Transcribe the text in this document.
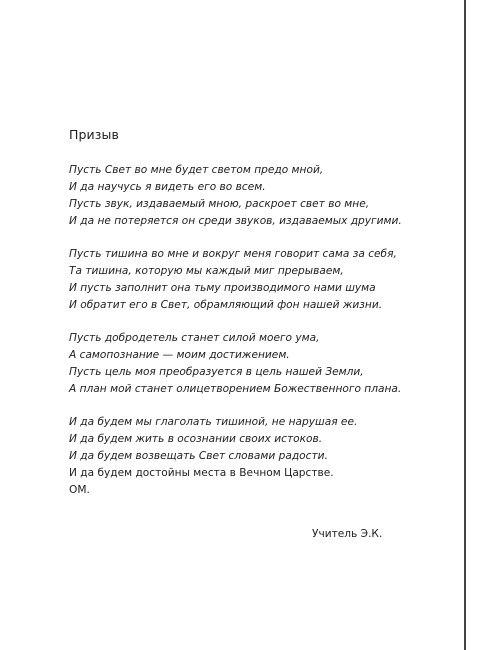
Призыв
Пусть Свет во мне будет светом предо мной,
И да научусь я видеть его во всем.
Пусть звук, издаваемый мною, раскроет свет во мне,
И да не потеряется он среди звуков, издаваемых другими.
Пусть тишина во мне и вокруг меня говорит сама за себя,
Та тишина, которую мы каждый миг прерываем,
И пусть заполнит она тьму производимого нами шума
И обратит его в Свет, обрамляющий фон нашей жизни.
Пусть добродетель станет силой моего ума,
А самопознание — моим достижением.
Пусть цель моя преобразуется в цель нашей Земли,
А план мой станет олицетворением Божественного плана.
И да будем мы глаголать тишиной, не нарушая ее.
И да будем жить в осознании своих истоков.
И да будем возвещать Свет словами радости.
И да будем достойны места в Вечном Царстве.
ОМ.
Учитель Э.К.
